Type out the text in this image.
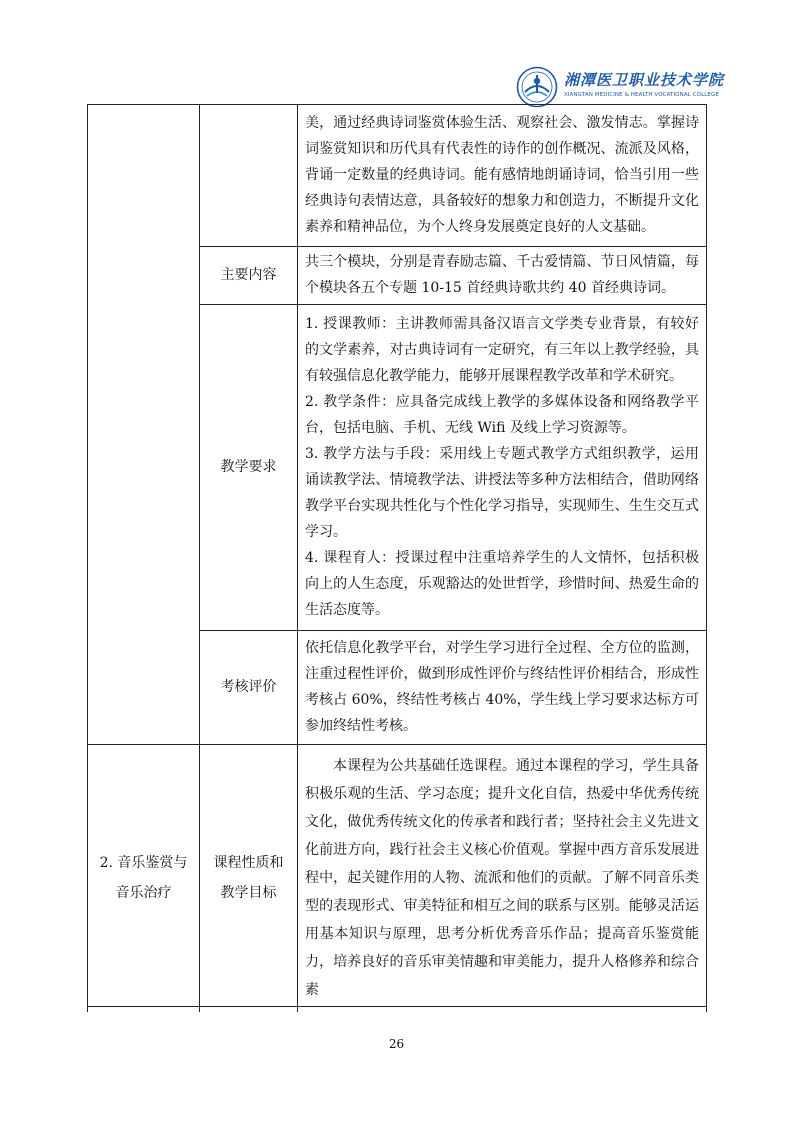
湘潭医卫职业技术学院
XIANGTAN MEDICINE & HEALTH VOCATIONAL COLLEGE

		美，通过经典诗词鉴赏体验生活、观察社会、激发情志。掌握诗词鉴赏知识和历代具有代表性的诗作的创作概况、流派及风格，背诵一定数量的经典诗词。能有感情地朗诵诗词，恰当引用一些经典诗句表情达意，具备较好的想象力和创造力，不断提升文化素养和精神品位，为个人终身发展奠定良好的人文基础。

	主要内容	共三个模块，分别是青春励志篇、千古爱情篇、节日风情篇，每个模块各五个专题 10-15 首经典诗歌共约 40 首经典诗词。

	教学要求	1. 授课教师：主讲教师需具备汉语言文学类专业背景，有较好的文学素养，对古典诗词有一定研究，有三年以上教学经验，具有较强信息化教学能力，能够开展课程教学改革和学术研究。

2. 教学条件：应具备完成线上教学的多媒体设备和网络教学平台，包括电脑、手机、无线 Wifi 及线上学习资源等。

3. 教学方法与手段：采用线上专题式教学方式组织教学，运用诵读教学法、情境教学法、讲授法等多种方法相结合，借助网络教学平台实现共性化与个性化学习指导，实现师生、生生交互式学习。

4. 课程育人：授课过程中注重培养学生的人文情怀，包括积极向上的人生态度，乐观豁达的处世哲学，珍惜时间、热爱生命的生活态度等。

	考核评价	依托信息化教学平台，对学生学习进行全过程、全方位的监测，注重过程性评价，做到形成性评价与终结性评价相结合，形成性考核占 60%，终结性考核占 40%，学生线上学习要求达标方可参加终结性考核。

2. 音乐鉴赏与音乐治疗	课程性质和教学目标	本课程为公共基础任选课程。通过本课程的学习，学生具备积极乐观的生活、学习态度；提升文化自信，热爱中华优秀传统文化，做优秀传统文化的传承者和践行者；坚持社会主义先进文化前进方向，践行社会主义核心价值观。掌握中西方音乐发展进程中，起关键作用的人物、流派和他们的贡献。了解不同音乐类型的表现形式、审美特征和相互之间的联系与区别。能够灵活运用基本知识与原理，思考分析优秀音乐作品；提高音乐鉴赏能力，培养良好的音乐审美情趣和审美能力，提升人格修养和综合素

26
